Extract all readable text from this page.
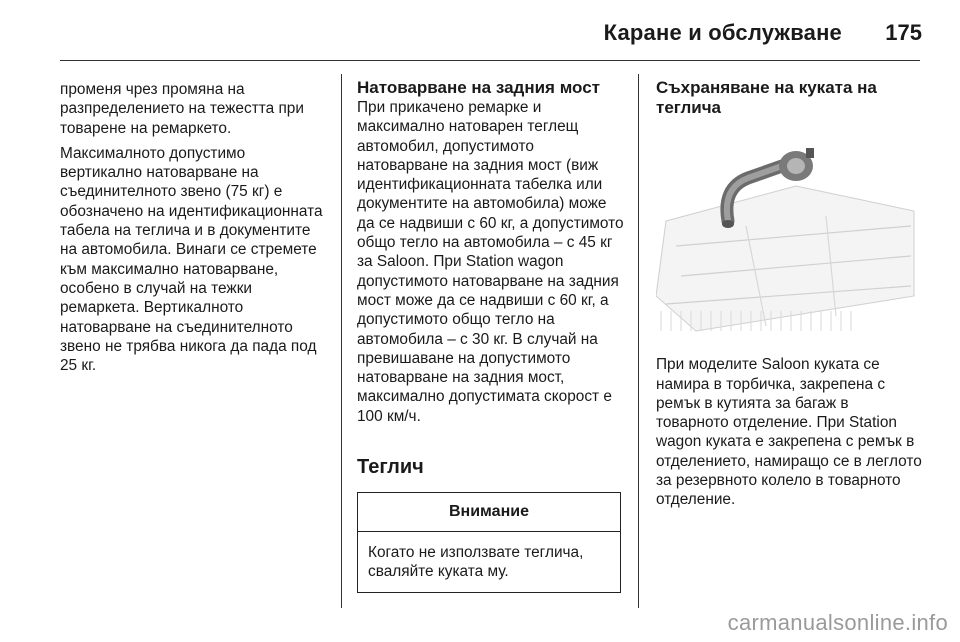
Каране и обслужване 175

променя чрез промяна на разпределението на тежестта при товарене на ремаркето.

Максималното допустимо вертикално натоварване на съединителното звено (75 кг) е обозначено на идентификационната табела на теглича и в документите на автомобила. Винаги се стремете към максимално натоварване, особено в случай на тежки ремаркета. Вертикалното натоварване на съединителното звено не трябва никога да пада под 25 кг.

Натоварване на задния мост

При прикачено ремарке и максимално натоварен теглещ автомобил, допустимото натоварване на задния мост (виж идентификационната табелка или документите на автомобила) може да се надвиши с 60 кг, а допустимото общо тегло на автомобила – с 45 кг за Saloon. При Station wagon допустимото натоварване на задния мост може да се надвиши с 60 кг, а допустимото общо тегло на автомобила – с 30 кг. В случай на превишаване на допустимото натоварване на задния мост, максимално допустимата скорост е 100 км/ч.

Теглич
Внимание
Когато не използвате теглича, сваляйте куката му.
Съхраняване на куката на теглича

При моделите Saloon куката се намира в торбичка, закрепена с ремък в кутията за багаж в товарното отделение. При Station wagon куката е закрепена с ремък в отделението, намиращо се в леглото за резервното колело в товарното отделение.

carmanualsonline.info
